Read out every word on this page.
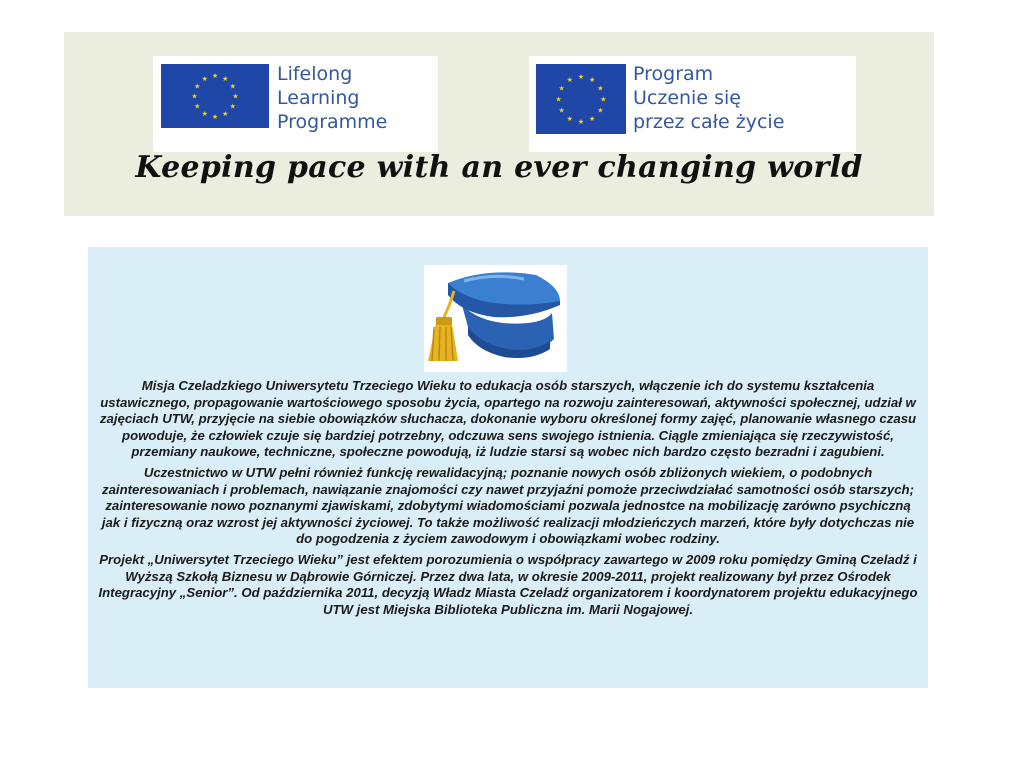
★ ★
★
★
★
★
★
★
★
★
★
★	Lifelong
Learning
Programme
★ ★
★
★
★
★
★
★
★
★
★
★	Program
Uczenie się
przez całe życie
Keeping pace with an ever changing world

Misja Czeladzkiego Uniwersytetu Trzeciego Wieku to edukacja osób starszych, włączenie ich do systemu kształcenia ustawicznego, propagowanie wartościowego sposobu życia, opartego na rozwoju zainteresowań, aktywności społecznej, udział w zajęciach UTW, przyjęcie na siebie obowiązków słuchacza, dokonanie wyboru określonej formy zajęć, planowanie własnego czasu powoduje, że człowiek czuje się bardziej potrzebny, odczuwa sens swojego istnienia. Ciągle zmieniająca się rzeczywistość, przemiany naukowe, techniczne, społeczne powodują, iż ludzie starsi są wobec nich bardzo często bezradni i zagubieni.

Uczestnictwo w UTW pełni również funkcję rewalidacyjną; poznanie nowych osób zbliżonych wiekiem, o podobnych zainteresowaniach i problemach, nawiązanie znajomości czy nawet przyjaźni pomoże przeciwdziałać samotności osób starszych; zainteresowanie nowo poznanymi zjawiskami, zdobytymi wiadomościami pozwala jednostce na mobilizację zarówno psychiczną jak i fizyczną oraz wzrost jej aktywności życiowej. To także możliwość realizacji młodzieńczych marzeń, które były dotychczas nie do pogodzenia z życiem zawodowym i obowiązkami wobec rodziny.

Projekt „Uniwersytet Trzeciego Wieku” jest efektem porozumienia o współpracy zawartego w 2009 roku pomiędzy Gminą Czeladź i Wyższą Szkołą Biznesu w Dąbrowie Górniczej. Przez dwa lata, w okresie 2009-2011, projekt realizowany był przez Ośrodek Integracyjny „Senior”. Od października 2011, decyzją Władz Miasta Czeladź organizatorem i koordynatorem projektu edukacyjnego UTW jest Miejska Biblioteka Publiczna im. Marii Nogajowej.
